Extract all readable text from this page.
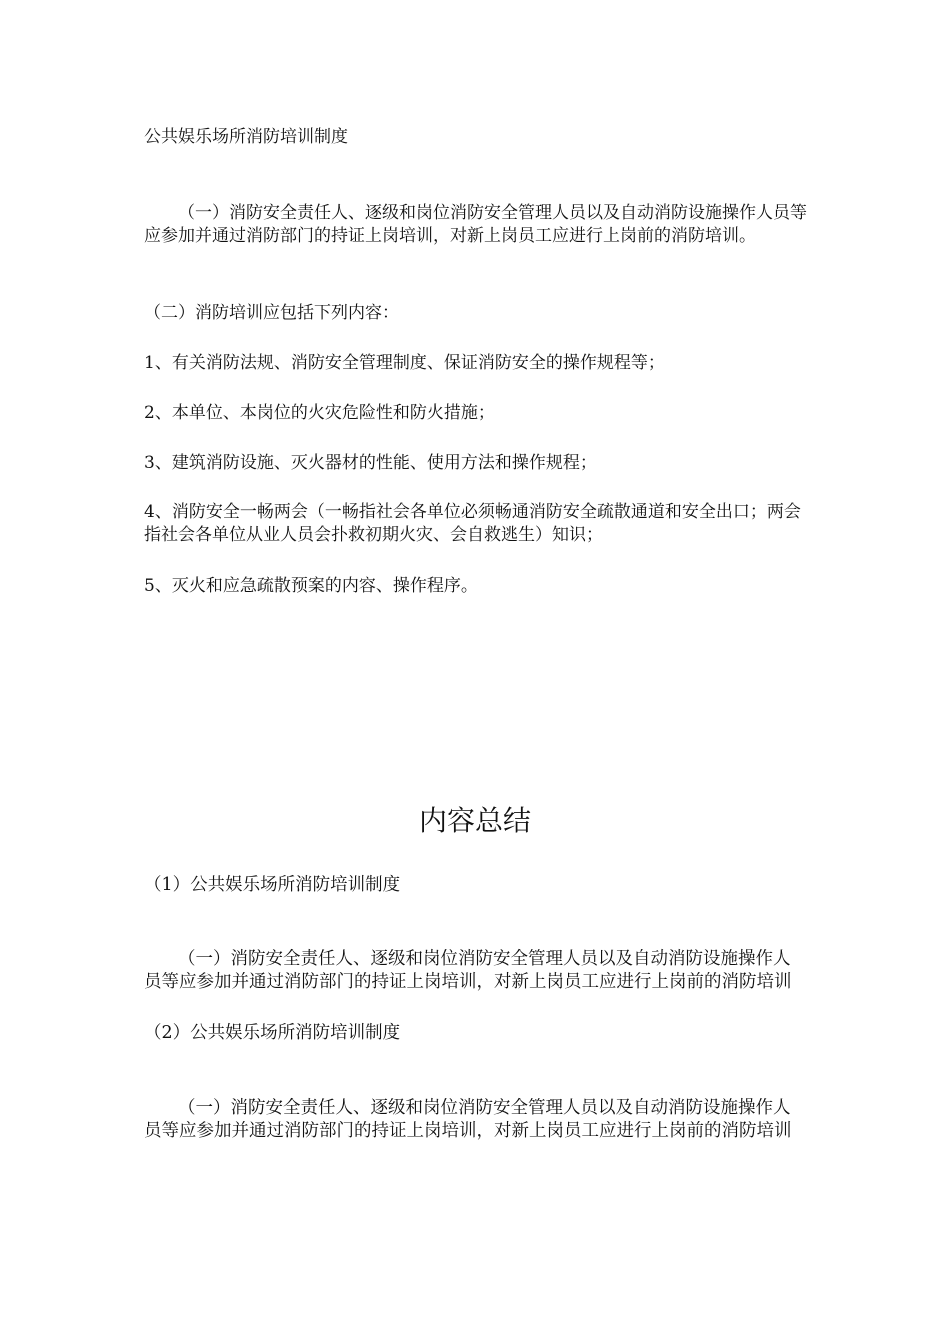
公共娱乐场所消防培训制度
（一）消防安全责任人、逐级和岗位消防安全管理人员以及自动消防设施操作人员等应参加并通过消防部门的持证上岗培训，对新上岗员工应进行上岗前的消防培训。
（二）消防培训应包括下列内容：
1、有关消防法规、消防安全管理制度、保证消防安全的操作规程等；
2、本单位、本岗位的火灾危险性和防火措施；
3、建筑消防设施、灭火器材的性能、使用方法和操作规程；
4、消防安全一畅两会（一畅指社会各单位必须畅通消防安全疏散通道和安全出口；两会指社会各单位从业人员会扑救初期火灾、会自救逃生）知识；
5、灭火和应急疏散预案的内容、操作程序。
内容总结
（1）公共娱乐场所消防培训制度
（一）消防安全责任人、逐级和岗位消防安全管理人员以及自动消防设施操作人员等应参加并通过消防部门的持证上岗培训，对新上岗员工应进行上岗前的消防培训
（2）公共娱乐场所消防培训制度
（一）消防安全责任人、逐级和岗位消防安全管理人员以及自动消防设施操作人员等应参加并通过消防部门的持证上岗培训，对新上岗员工应进行上岗前的消防培训
